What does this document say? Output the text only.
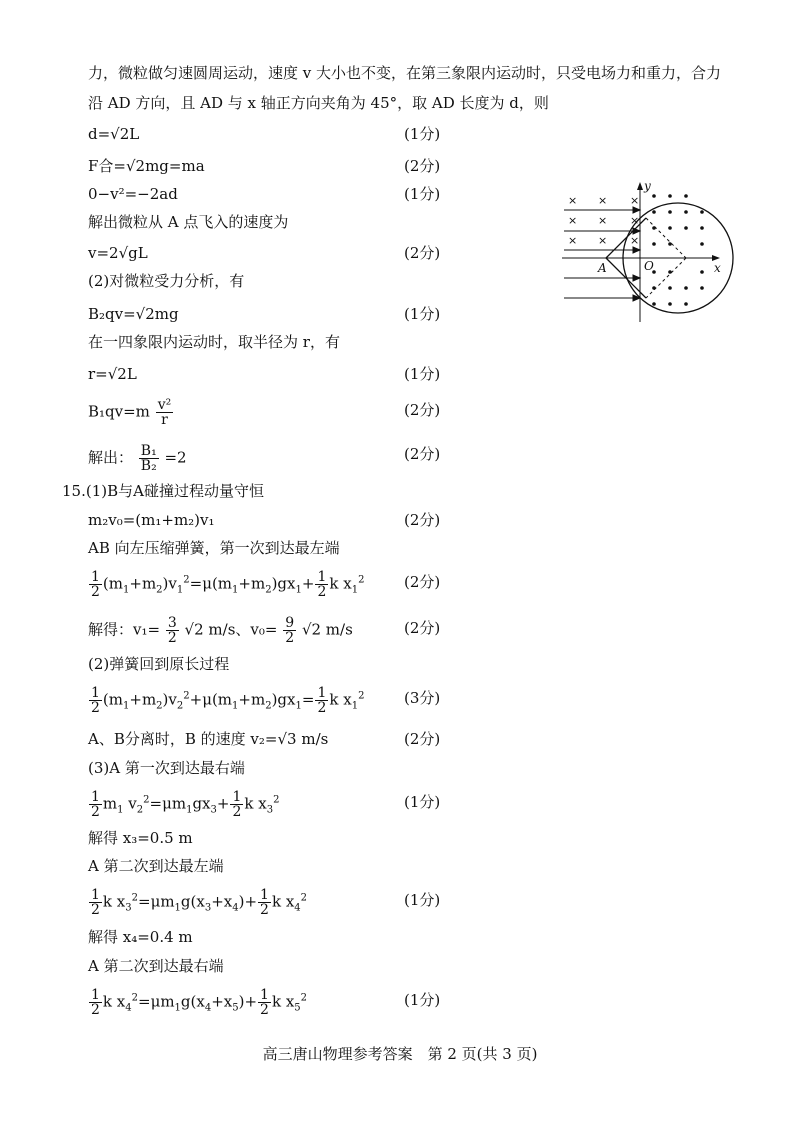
力，微粒做匀速圆周运动，速度 v 大小也不变，在第三象限内运动时，只受电场力和重力，合力
沿 AD 方向，且 AD 与 x 轴正方向夹角为 45°，取 AD 长度为 d，则
d=√2L	(1分)
F合=√2mg=ma	(2分)
0−v²=−2ad	(1分)
解出微粒从 A 点飞入的速度为
v=2√gL	(2分)
(2)对微粒受力分析，有
B₂qv=√2mg	(1分)
在一四象限内运动时，取半径为 r，有
r=√2L	(1分)
$B_1qv=m \frac{\text{v²}}{r}$	(2分)
解出： $\frac{\text{B₁}}{\text{B₂}} =2$	(2分)
15.(1)B与A碰撞过程动量守恒
m₂v₀=(m₁+m₂)v₁	(2分)
AB 向左压缩弹簧，第一次到达最左端
$\frac{1}{2} (m_1+m_2)v_1^2=\mu(m_1+m_2)gx_1+ \frac{1}{2}$ k $x_1^2$	(2分)
解得：$v_1= \frac{3}{2} √2$ m/s、$v_0= \frac{9}{2} √2$ m/s	(2分)
(2)弹簧回到原长过程
$\frac{1}{2} (m_1+m_2)v_2^2+\mu(m_1+m_2)gx_1= \frac{1}{2}$ k $x_1^2$	(3分)
A、B分离时，B 的速度 v₂=√3 m/s	(2分)
(3)A 第一次到达最右端
$\frac{1}{2} m_1$ $v_2^2=\mu m_1gx_3+ \frac{1}{2}$ k $x_3^2$	(1分)
解得 x₃=0.5 m
A 第二次到达最左端
$\frac{1}{2}$ k $x_3^2=\mu m_1g(x_3+x_4)+ \frac{1}{2}$ k $x_4^2$	(1分)
解得 x₄=0.4 m
A 第二次到达最右端
$\frac{1}{2}$ k $x_4^2=\mu m_1g(x_4+x_5)+ \frac{1}{2}$ k $x_5^2$	(1分)
高三唐山物理参考答案　第 2 页(共 3 页)
× × ×
× × ×
× × ×
A	O	x
y
